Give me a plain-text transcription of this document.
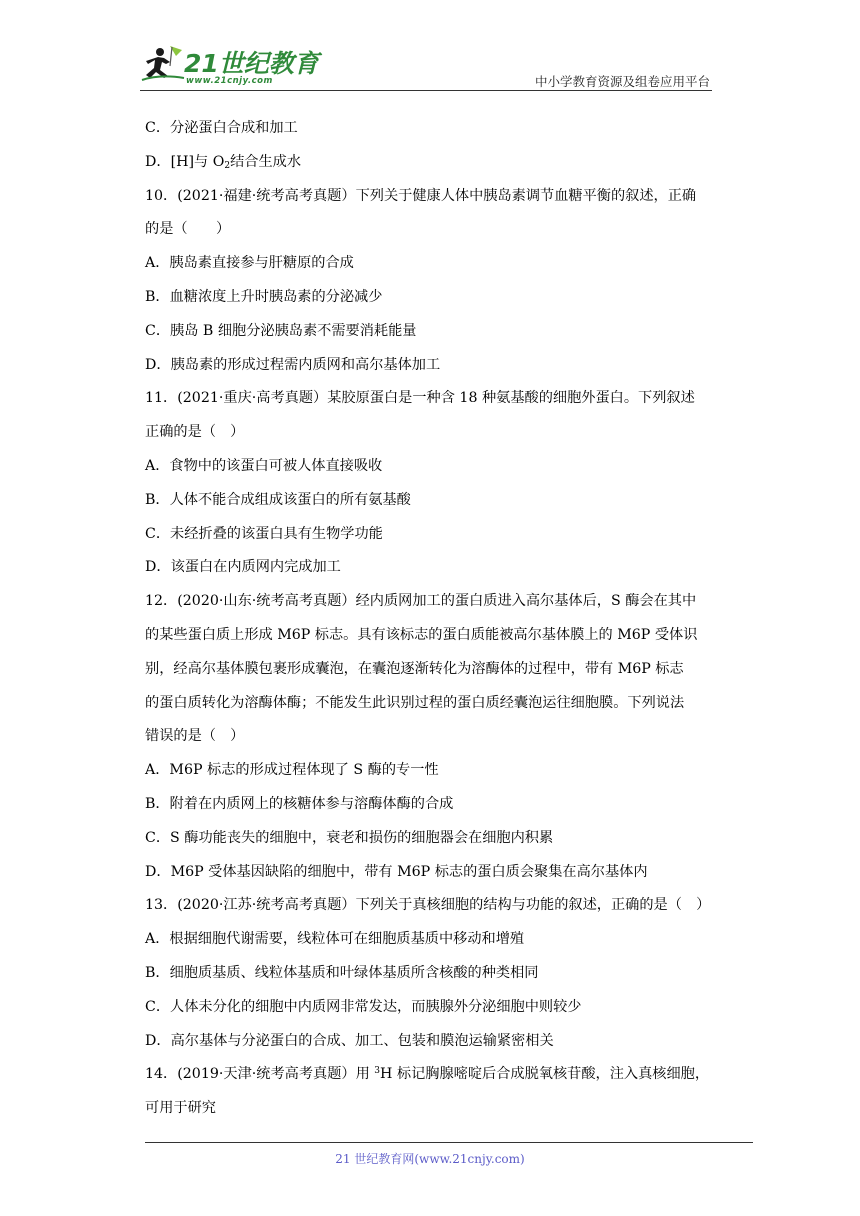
21世纪教育
www.21cnjy.com	中小学教育资源及组卷应用平台
C．分泌蛋白合成和加工
D．[H]与 $O_2$结合生成水
10．(2021·福建·统考高考真题）下列关于健康人体中胰岛素调节血糖平衡的叙述，正确
的是（　　）
A．胰岛素直接参与肝糖原的合成
B．血糖浓度上升时胰岛素的分泌减少
C．胰岛 B 细胞分泌胰岛素不需要消耗能量
D．胰岛素的形成过程需内质网和高尔基体加工
11．(2021·重庆·高考真题）某胶原蛋白是一种含 18 种氨基酸的细胞外蛋白。下列叙述
正确的是（　）
A．食物中的该蛋白可被人体直接吸收
B．人体不能合成组成该蛋白的所有氨基酸
C．未经折叠的该蛋白具有生物学功能
D．该蛋白在内质网内完成加工
12．(2020·山东·统考高考真题）经内质网加工的蛋白质进入高尔基体后，S 酶会在其中
的某些蛋白质上形成 M6P 标志。具有该标志的蛋白质能被高尔基体膜上的 M6P 受体识
别，经高尔基体膜包裹形成囊泡，在囊泡逐渐转化为溶酶体的过程中，带有 M6P 标志
的蛋白质转化为溶酶体酶；不能发生此识别过程的蛋白质经囊泡运往细胞膜。下列说法
错误的是（　）
A．M6P 标志的形成过程体现了 S 酶的专一性
B．附着在内质网上的核糖体参与溶酶体酶的合成
C．S 酶功能丧失的细胞中，衰老和损伤的细胞器会在细胞内积累
D．M6P 受体基因缺陷的细胞中，带有 M6P 标志的蛋白质会聚集在高尔基体内
13．(2020·江苏·统考高考真题）下列关于真核细胞的结构与功能的叙述，正确的是（　）
A．根据细胞代谢需要，线粒体可在细胞质基质中移动和增殖
B．细胞质基质、线粒体基质和叶绿体基质所含核酸的种类相同
C．人体未分化的细胞中内质网非常发达，而胰腺外分泌细胞中则较少
D．高尔基体与分泌蛋白的合成、加工、包装和膜泡运输紧密相关
14．(2019·天津·统考高考真题）用 $^3$H 标记胸腺嘧啶后合成脱氧核苷酸，注入真核细胞，
可用于研究
21 世纪教育网(www.21cnjy.com)
